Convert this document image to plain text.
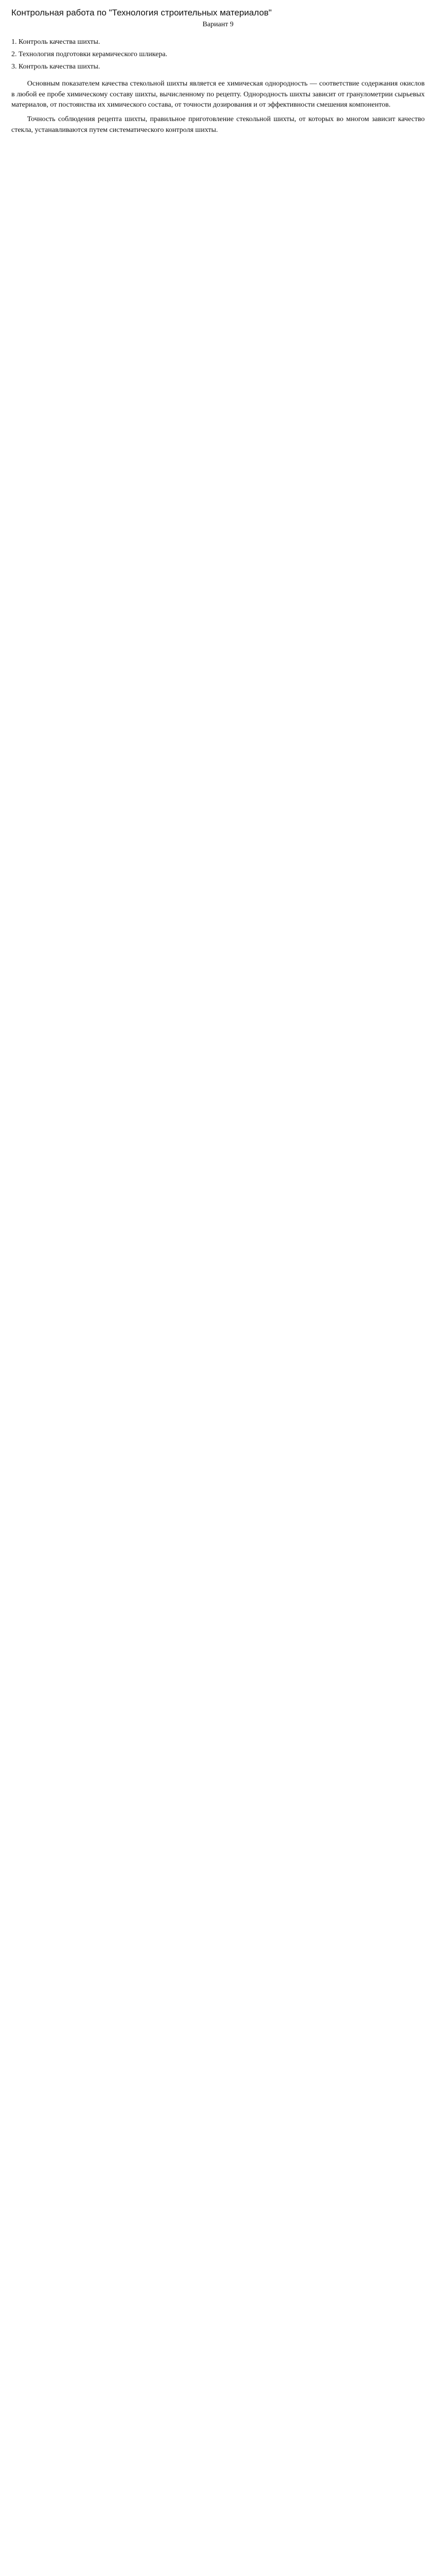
Контрольная работа по "Технология строительных материалов"
Вариант 9
1. Контроль качества шихты.
2. Технология подготовки керамического шликера.
3. Контроль качества шихты.

Основным показателем качества стекольной шихты является ее химическая однородность — соответствие содержания окислов в любой ее пробе химическому составу шихты, вычисленному по рецепту. Однородность шихты зависит от гранулометрии сырьевых материалов, от постоянства их химического состава, от точности дозирования и от эффективности смешения компонентов.

Точность соблюдения рецепта шихты, правильное приготовление стекольной шихты, от которых во многом зависит качество стекла, устанавливаются путем систематического контроля шихты.
